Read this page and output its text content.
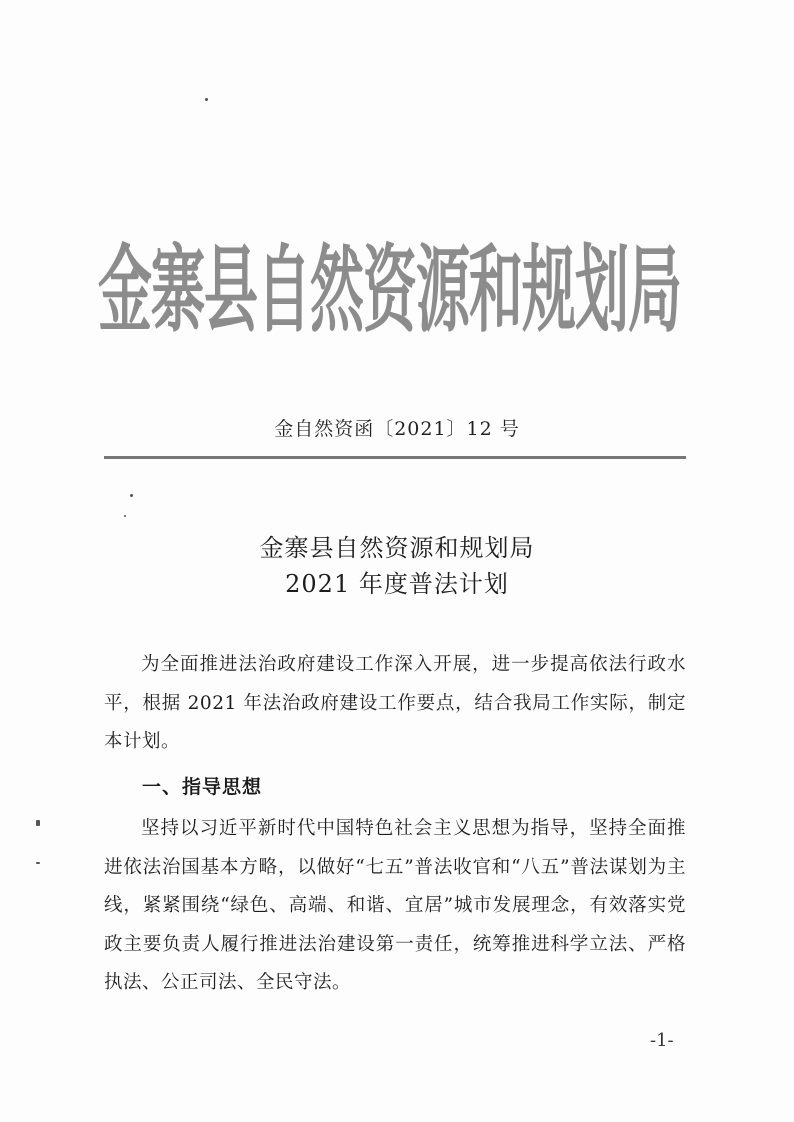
金寨县自然资源和规划局
金自然资函〔2021〕12 号
金寨县自然资源和规划局
2021 年度普法计划
为全面推进法治政府建设工作深入开展，进一步提高依法行政水平，根据 2021 年法治政府建设工作要点，结合我局工作实际，制定本计划。
一、指导思想
坚持以习近平新时代中国特色社会主义思想为指导，坚持全面推进依法治国基本方略，以做好“七五”普法收官和“八五”普法谋划为主线，紧紧围绕“绿色、高端、和谐、宜居”城市发展理念，有效落实党政主要负责人履行推进法治建设第一责任，统筹推进科学立法、严格执法、公正司法、全民守法。
-1-
